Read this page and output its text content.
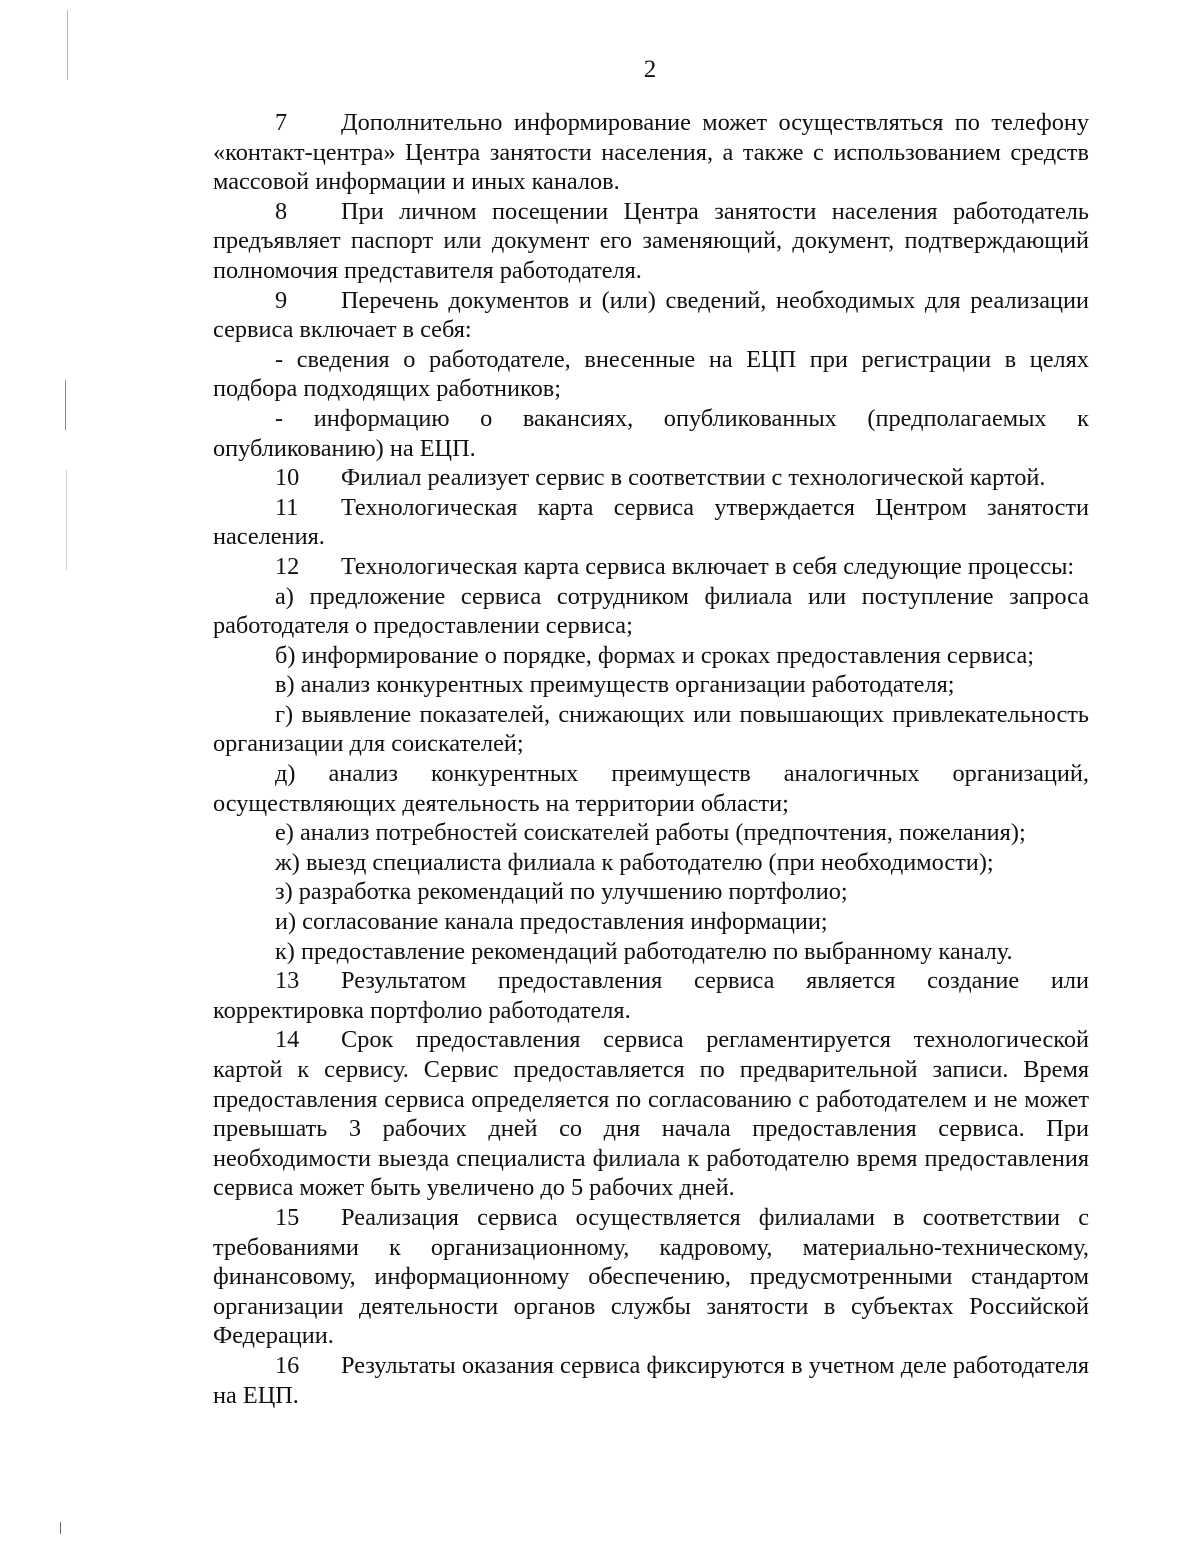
2

7 Дополнительно информирование может осуществляться по телефону «контакт-центра» Центра занятости населения, а также с использованием средств массовой информации и иных каналов.

8 При личном посещении Центра занятости населения работодатель предъявляет паспорт или документ его заменяющий, документ, подтверждающий полномочия представителя работодателя.

9 Перечень документов и (или) сведений, необходимых для реализации сервиса включает в себя:

- сведения о работодателе, внесенные на ЕЦП при регистрации в целях подбора подходящих работников;

- информацию о вакансиях, опубликованных (предполагаемых к опубликованию) на ЕЦП.

10 Филиал реализует сервис в соответствии с технологической картой.

11 Технологическая карта сервиса утверждается Центром занятости населения.

12 Технологическая карта сервиса включает в себя следующие процессы:

а) предложение сервиса сотрудником филиала или поступление запроса работодателя о предоставлении сервиса;

б) информирование о порядке, формах и сроках предоставления сервиса;

в) анализ конкурентных преимуществ организации работодателя;

г) выявление показателей, снижающих или повышающих привлекательность организации для соискателей;

д) анализ конкурентных преимуществ аналогичных организаций, осуществляющих деятельность на территории области;

е) анализ потребностей соискателей работы (предпочтения, пожелания);

ж) выезд специалиста филиала к работодателю (при необходимости);

з) разработка рекомендаций по улучшению портфолио;

и) согласование канала предоставления информации;

к) предоставление рекомендаций работодателю по выбранному каналу.

13 Результатом предоставления сервиса является создание или корректировка портфолио работодателя.

14 Срок предоставления сервиса регламентируется технологической картой к сервису. Сервис предоставляется по предварительной записи. Время предоставления сервиса определяется по согласованию с работодателем и не может превышать 3 рабочих дней со дня начала предоставления сервиса. При необходимости выезда специалиста филиала к работодателю время предоставления сервиса может быть увеличено до 5 рабочих дней.

15 Реализация сервиса осуществляется филиалами в соответствии с требованиями к организационному, кадровому, материально-техническому, финансовому, информационному обеспечению, предусмотренными стандартом организации деятельности органов службы занятости в субъектах Российской Федерации.

16 Результаты оказания сервиса фиксируются в учетном деле работодателя на ЕЦП.
